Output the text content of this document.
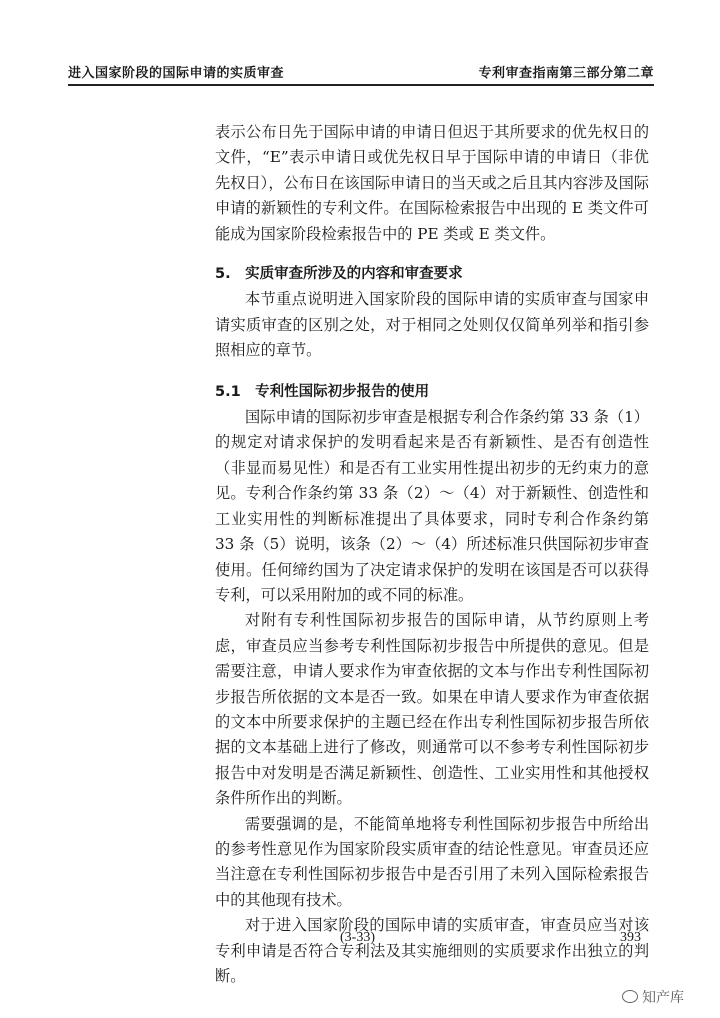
进入国家阶段的国际申请的实质审查	专利审查指南第三部分第二章

表示公布日先于国际申请的申请日但迟于其所要求的优先权日的文件，“E”表示申请日或优先权日早于国际申请的申请日（非优先权日），公布日在该国际申请日的当天或之后且其内容涉及国际申请的新颖性的专利文件。在国际检索报告中出现的 E 类文件可能成为国家阶段检索报告中的 PE 类或 E 类文件。

5.　实质审查所涉及的内容和审查要求

本节重点说明进入国家阶段的国际申请的实质审查与国家申请实质审查的区别之处，对于相同之处则仅仅简单列举和指引参照相应的章节。

5.1　专利性国际初步报告的使用

国际申请的国际初步审查是根据专利合作条约第 33 条（1）的规定对请求保护的发明看起来是否有新颖性、是否有创造性（非显而易见性）和是否有工业实用性提出初步的无约束力的意见。专利合作条约第 33 条（2）～（4）对于新颖性、创造性和工业实用性的判断标准提出了具体要求，同时专利合作条约第 33 条（5）说明，该条（2）～（4）所述标准只供国际初步审查使用。任何缔约国为了决定请求保护的发明在该国是否可以获得专利，可以采用附加的或不同的标准。

对附有专利性国际初步报告的国际申请，从节约原则上考虑，审查员应当参考专利性国际初步报告中所提供的意见。但是需要注意，申请人要求作为审查依据的文本与作出专利性国际初步报告所依据的文本是否一致。如果在申请人要求作为审查依据的文本中所要求保护的主题已经在作出专利性国际初步报告所依据的文本基础上进行了修改，则通常可以不参考专利性国际初步报告中对发明是否满足新颖性、创造性、工业实用性和其他授权条件所作出的判断。

需要强调的是，不能简单地将专利性国际初步报告中所给出的参考性意见作为国家阶段实质审查的结论性意见。审查员还应当注意在专利性国际初步报告中是否引用了未列入国际检索报告中的其他现有技术。

对于进入国家阶段的国际申请的实质审查，审查员应当对该专利申请是否符合专利法及其实施细则的实质要求作出独立的判断。

(3-33)	393
知产库
